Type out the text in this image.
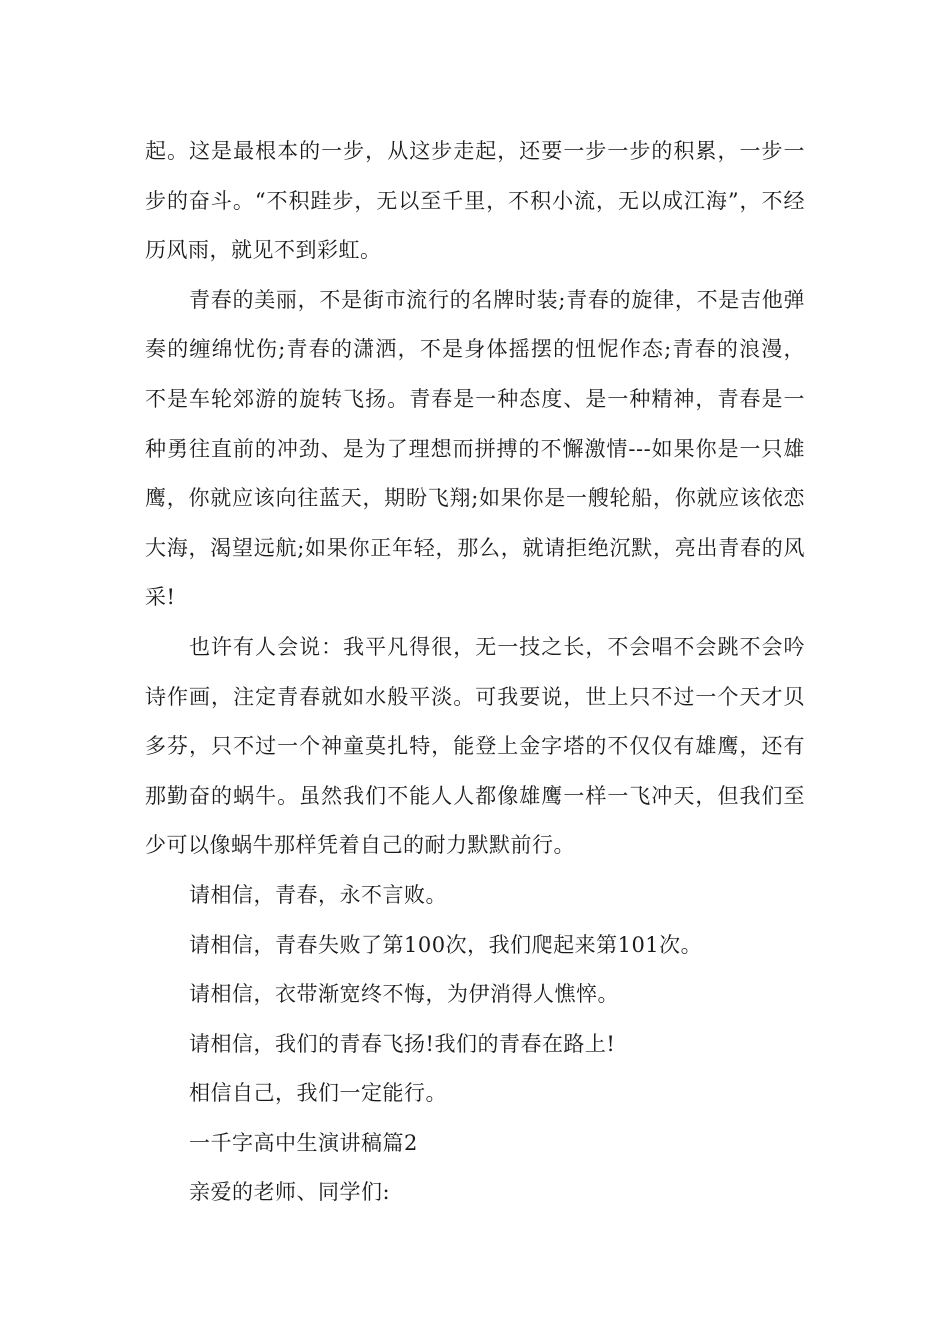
起。这是最根本的一步，从这步走起，还要一步一步的积累，一步一步的奋斗。“不积跬步，无以至千里，不积小流，无以成江海”，不经历风雨，就见不到彩虹。

青春的美丽，不是街市流行的名牌时装;青春的旋律，不是吉他弹奏的缠绵忧伤;青春的潇洒，不是身体摇摆的忸怩作态;青春的浪漫，不是车轮郊游的旋转飞扬。青春是一种态度、是一种精神，青春是一种勇往直前的冲劲、是为了理想而拼搏的不懈激情---如果你是一只雄鹰，你就应该向往蓝天，期盼飞翔;如果你是一艘轮船，你就应该依恋大海，渴望远航;如果你正年轻，那么，就请拒绝沉默，亮出青春的风采!

也许有人会说：我平凡得很，无一技之长，不会唱不会跳不会吟诗作画，注定青春就如水般平淡。可我要说，世上只不过一个天才贝多芬，只不过一个神童莫扎特，能登上金字塔的不仅仅有雄鹰，还有那勤奋的蜗牛。虽然我们不能人人都像雄鹰一样一飞冲天，但我们至少可以像蜗牛那样凭着自己的耐力默默前行。

请相信，青春，永不言败。

请相信，青春失败了第100次，我们爬起来第101次。

请相信，衣带渐宽终不悔，为伊消得人憔悴。

请相信，我们的青春飞扬!我们的青春在路上!

相信自己，我们一定能行。

一千字高中生演讲稿篇2

亲爱的老师、同学们:
